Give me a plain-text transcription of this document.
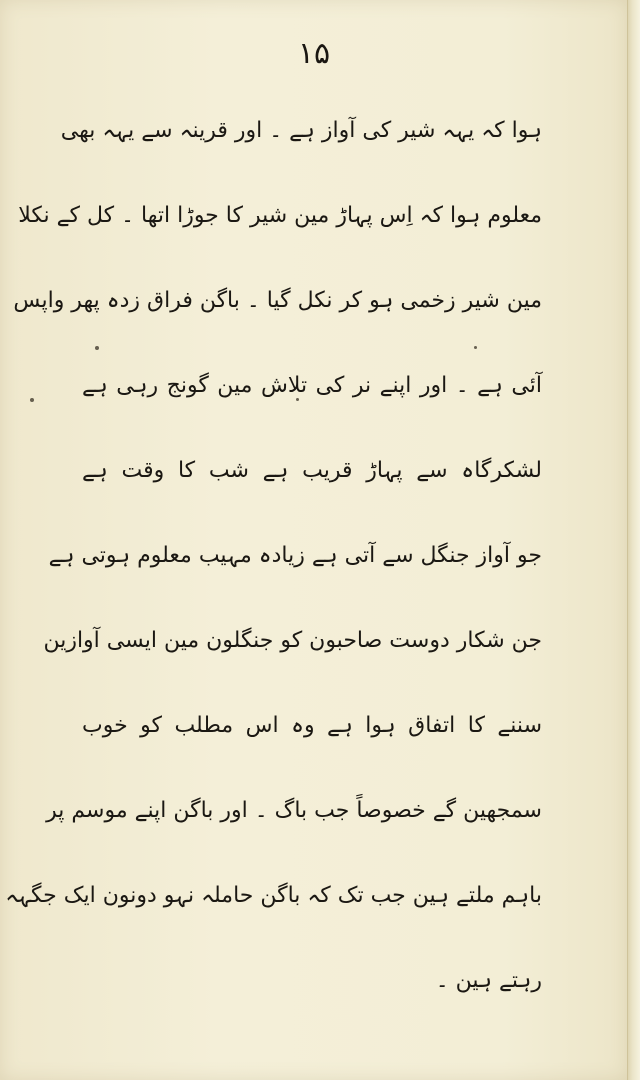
١۵
ہوا کہ یہہ شیر کی آواز ہے ۔ اور قرینہ سے یہہ بھی
معلوم ہوا کہ اِس پہاڑ مین شیر کا جوڑا اتھا ۔ کل کے نکلا
مین شیر زخمی ہو کر نکل گیا ۔ باگن فراق زدہ پھر واپس
آئی ہے ۔ اور اپنے نر کی تلاش مین گونج رہی ہے
لشکرگاہ سے پہاڑ قریب ہے شب کا وقت ہے
جو آواز جنگل سے آتی ہے زیادہ مہیب معلوم ہوتی ہے
جن شکار دوست صاحبون کو جنگلون مین ایسی آوازین
سننے کا اتفاق ہوا ہے وہ اس مطلب کو خوب
سمجھین گے خصوصاً جب باگ ۔ اور باگن اپنے موسم پر
باہم ملتے ہین جب تک کہ باگن حاملہ نہو دونون ایک جگہہ
رہتے ہین ۔
